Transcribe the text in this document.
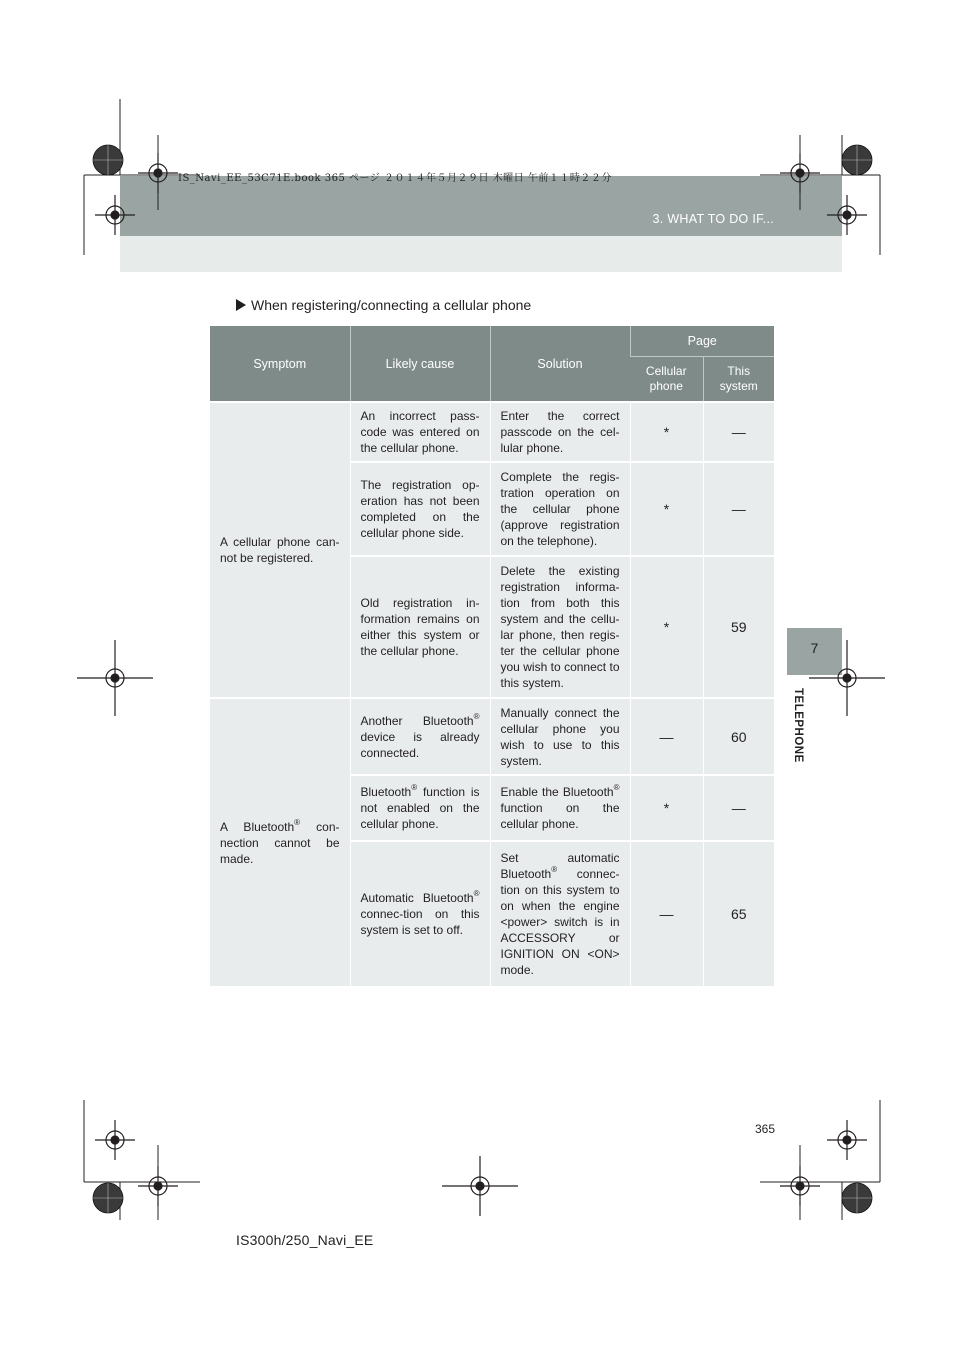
IS_Navi_EE_53C71E.book 365 ページ ２０１４年５月２９日 木曜日 午前１１時２２分
3. WHAT TO DO IF...
7
TELEPHONE
When registering/connecting a cellular phone
Symptom	Likely cause	Solution	Page	
			Cellular phone	This system
A cellular phone can-not be registered.	An incorrect pass-code was entered on the cellular phone.	Enter the correct passcode on the cel-lular phone.	*	—
	The registration op-eration has not been completed on the cellular phone side.	Complete the regis-tration operation on the cellular phone (approve registration on the telephone).	*	—
	Old registration in-formation remains on either this system or the cellular phone.	Delete the existing registration informa-tion from both this system and the cellu-lar phone, then regis-ter the cellular phone you wish to connect to this system.	*	59
A Bluetooth® con-nection cannot be made.	Another Bluetooth® device is already connected.	Manually connect the cellular phone you wish to use to this system.	—	60
	Bluetooth® function is not enabled on the cellular phone.	Enable the Bluetooth® function on the cellular phone.	*	—
	Automatic Bluetooth® connec-tion on this system is set to off.	Set automatic Bluetooth® connec-tion on this system to on when the engine <power> switch is in ACCESSORY or IGNITION ON <ON> mode.	—	65
365
IS300h/250_Navi_EE
